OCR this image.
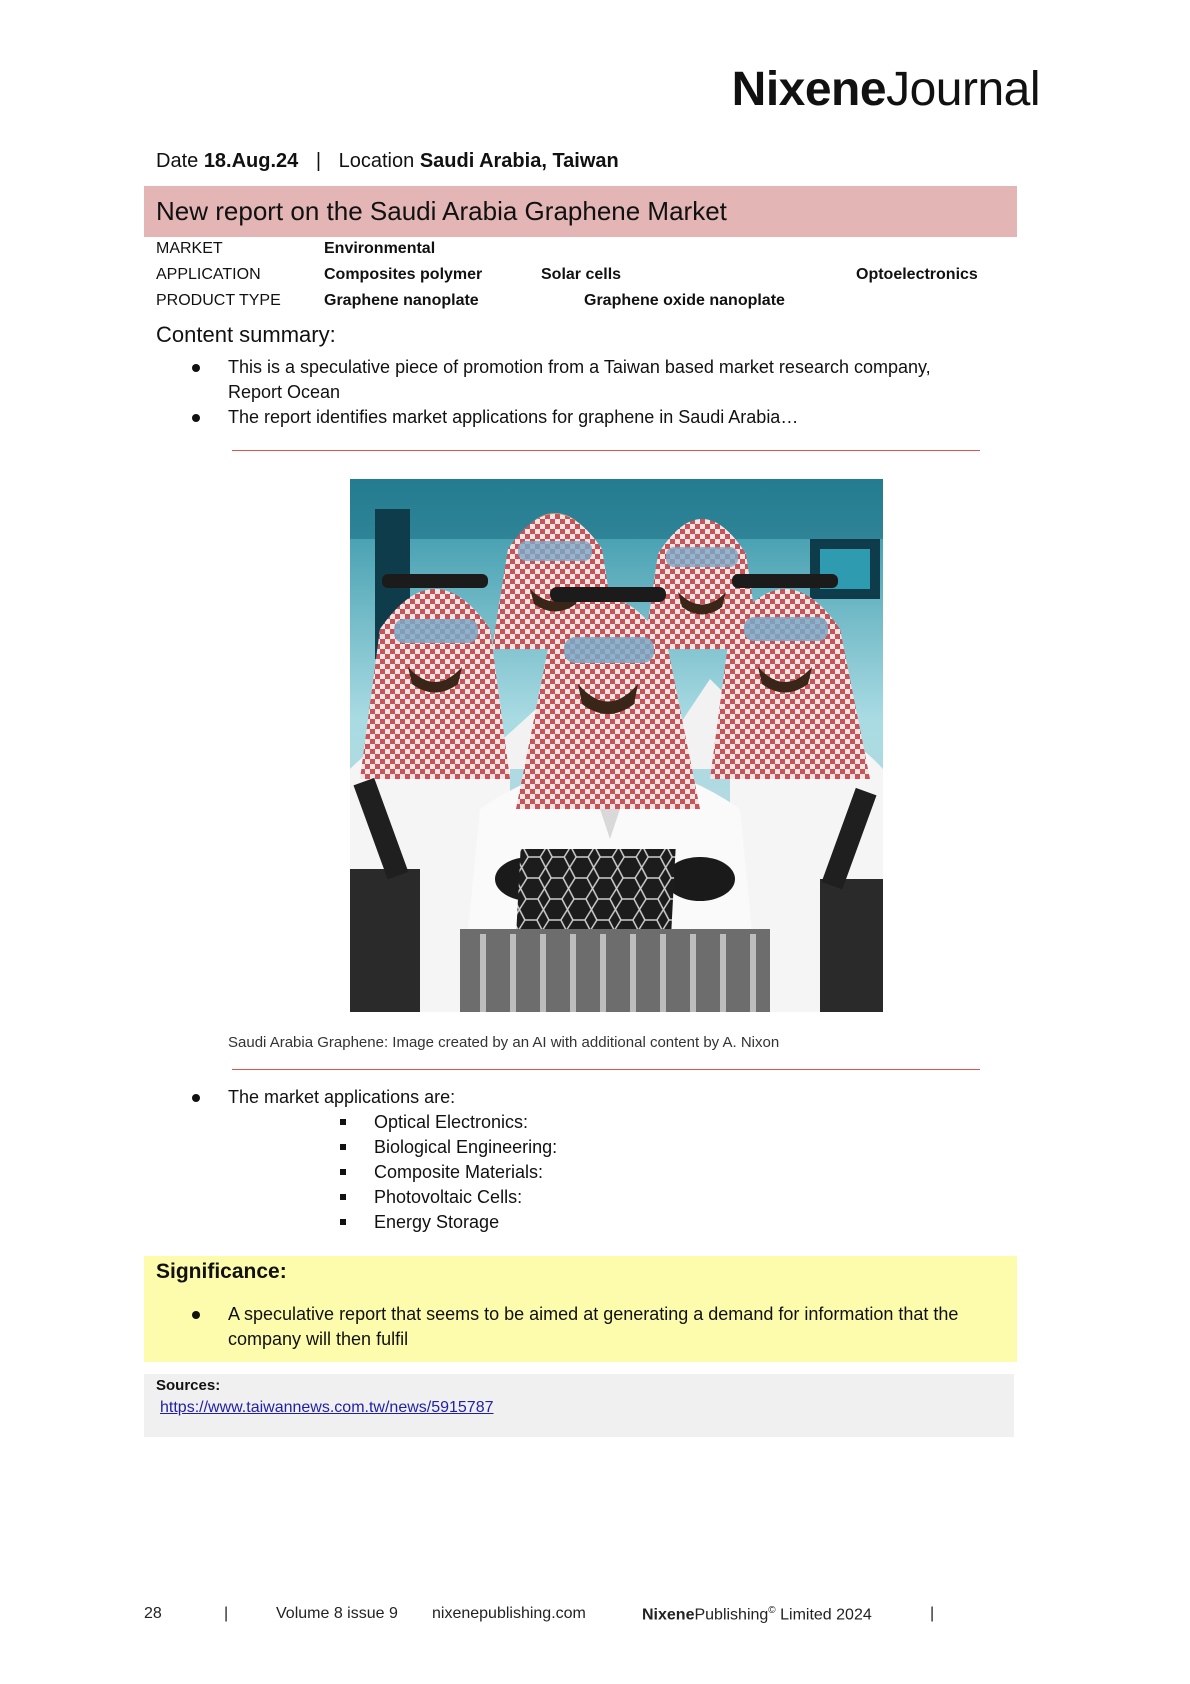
NixeneJournal
Date 18.Aug.24 | Location Saudi Arabia, Taiwan
New report on the Saudi Arabia Graphene Market
MARKET	Environmental
APPLICATION	Composites polymer	Solar cells	Optoelectronics
PRODUCT TYPE	Graphene nanoplate	Graphene oxide nanoplate
Content summary:
This is a speculative piece of promotion from a Taiwan based market research company, Report Ocean
The report identifies market applications for graphene in Saudi Arabia…
Saudi Arabia Graphene: Image created by an AI with additional content by A. Nixon
The market applications are:
Optical Electronics:
Biological Engineering:
Composite Materials:
Photovoltaic Cells:
Energy Storage
Significance:
A speculative report that seems to be aimed at generating a demand for information that the company will then fulfil
Sources:
https://www.taiwannews.com.tw/news/5915787
28	|	Volume 8 issue 9 nixenepublishing.com	NixenePublishing© Limited 2024	|
